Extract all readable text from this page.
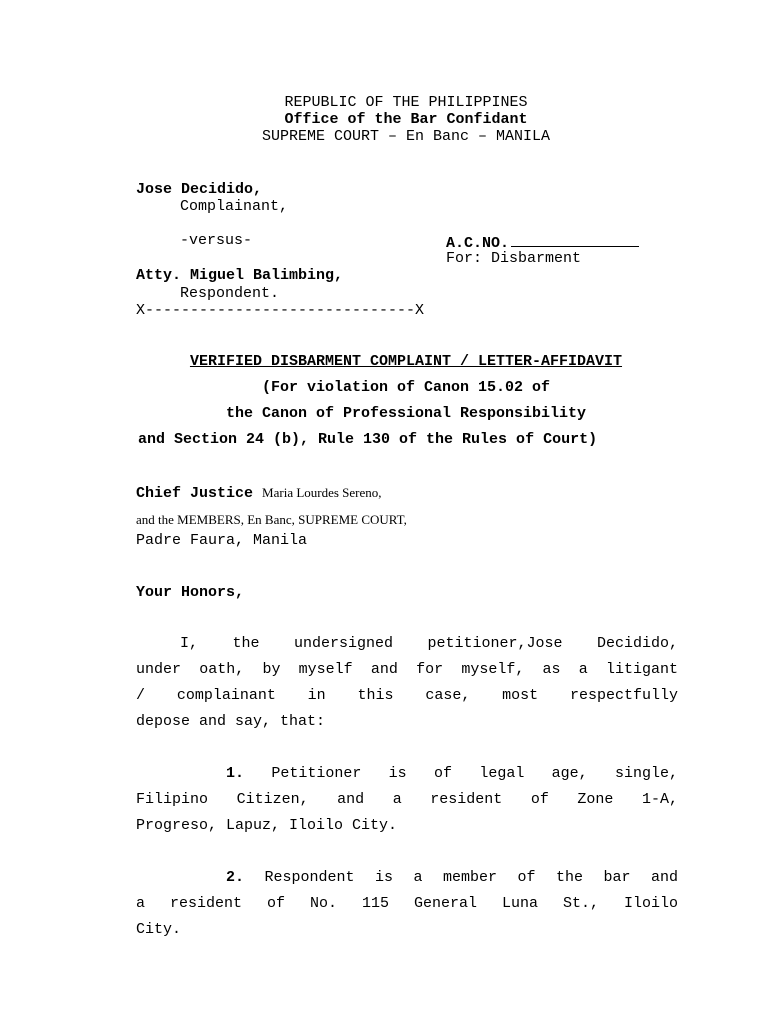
REPUBLIC OF THE PHILIPPINES
Office of the Bar Confidant
SUPREME COURT – En Banc – MANILA
Jose Decidido,
Complainant,
-versus-	A.C.NO.
For: Disbarment
Atty. Miguel Balimbing,
Respondent.
X------------------------------X
VERIFIED DISBARMENT COMPLAINT / LETTER-AFFIDAVIT
(For violation of Canon 15.02 of
the Canon of Professional Responsibility
and Section 24 (b), Rule 130 of the Rules of Court)
Chief Justice Maria Lourdes Sereno,
and the MEMBERS, En Banc, SUPREME COURT,
Padre Faura, Manila
Your Honors,
I, the undersigned petitioner,Jose Decidido,
under oath, by myself and for myself, as a litigant
/ complainant in this case, most respectfully
depose and say, that:
1. Petitioner is of legal age, single,
Filipino Citizen, and a resident of Zone 1-A,
Progreso, Lapuz, Iloilo City.
2. Respondent is a member of the bar and
a resident of No. 115 General Luna St., Iloilo
City.
